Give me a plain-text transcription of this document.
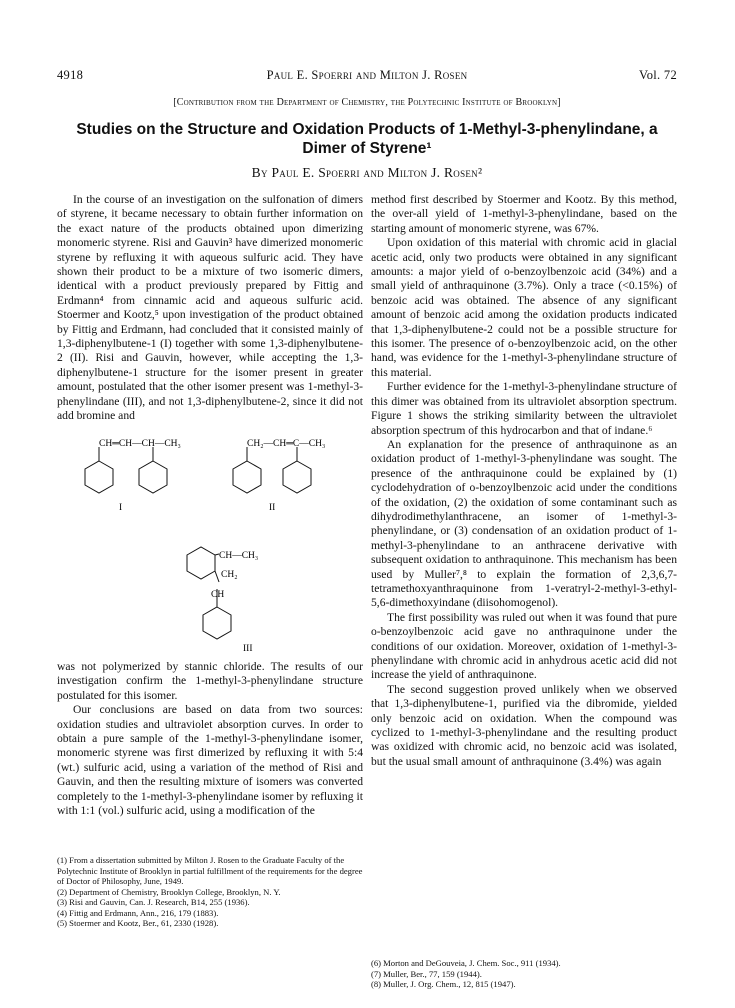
4918	Paul E. Spoerri and Milton J. Rosen	Vol. 72
[Contribution from the Department of Chemistry, the Polytechnic Institute of Brooklyn]
Studies on the Structure and Oxidation Products of 1-Methyl-3-phenylindane, a
Dimer of Styrene¹
By Paul E. Spoerri and Milton J. Rosen²

In the course of an investigation on the sulfonation of dimers of styrene, it became necessary to obtain further information on the exact nature of the products obtained upon dimerizing monomeric styrene. Risi and Gauvin³ have dimerized monomeric styrene by refluxing it with aqueous sulfuric acid. They have shown their product to be a mixture of two isomeric dimers, identical with a product previously prepared by Fittig and Erdmann⁴ from cinnamic acid and aqueous sulfuric acid. Stoermer and Kootz,⁵ upon investigation of the product obtained by Fittig and Erdmann, had concluded that it consisted mainly of 1,3-diphenylbutene-1 (I) together with some 1,3-diphenylbutene-2 (II). Risi and Gauvin, however, while accepting the 1,3-diphenylbutene-1 structure for the isomer present in greater amount, postulated that the other isomer present was 1-methyl-3-phenylindane (III), and not 1,3-diphenylbutene-2, since it did not add bromine and

CH═CH—CH—CH₃	CH₂—CH═C—CH₃
I	II
CH—CH₃
CH₂
CH
III

was not polymerized by stannic chloride. The results of our investigation confirm the 1-methyl-3-phenylindane structure postulated for this isomer.

Our conclusions are based on data from two sources: oxidation studies and ultraviolet absorption curves. In order to obtain a pure sample of the 1-methyl-3-phenylindane isomer, monomeric styrene was first dimerized by refluxing it with 5:4 (wt.) sulfuric acid, using a variation of the method of Risi and Gauvin, and then the resulting mixture of isomers was converted completely to the 1-methyl-3-phenylindane isomer by refluxing it with 1:1 (vol.) sulfuric acid, using a modification of the

(1) From a dissertation submitted by Milton J. Rosen to the Graduate Faculty of the Polytechnic Institute of Brooklyn in partial fulfillment of the requirements for the degree of Doctor of Philosophy, June, 1949.
(2) Department of Chemistry, Brooklyn College, Brooklyn, N. Y.
(3) Risi and Gauvin, Can. J. Research, B14, 255 (1936).
(4) Fittig and Erdmann, Ann., 216, 179 (1883).
(5) Stoermer and Kootz, Ber., 61, 2330 (1928).

method first described by Stoermer and Kootz. By this method, the over-all yield of 1-methyl-3-phenylindane, based on the starting amount of monomeric styrene, was 67%.

Upon oxidation of this material with chromic acid in glacial acetic acid, only two products were obtained in any significant amounts: a major yield of o-benzoylbenzoic acid (34%) and a small yield of anthraquinone (3.7%). Only a trace (<0.15%) of benzoic acid was obtained. The absence of any significant amount of benzoic acid among the oxidation products indicated that 1,3-diphenylbutene-2 could not be a possible structure for this isomer. The presence of o-benzoylbenzoic acid, on the other hand, was evidence for the 1-methyl-3-phenylindane structure of this material.

Further evidence for the 1-methyl-3-phenylindane structure of this dimer was obtained from its ultraviolet absorption spectrum. Figure 1 shows the striking similarity between the ultraviolet absorption spectrum of this hydrocarbon and that of indane.⁶

An explanation for the presence of anthraquinone as an oxidation product of 1-methyl-3-phenylindane was sought. The presence of the anthraquinone could be explained by (1) cyclodehydration of o-benzoylbenzoic acid under the conditions of the oxidation, (2) the oxidation of some contaminant such as dihydrodimethylanthracene, an isomer of 1-methyl-3-phenylindane, or (3) condensation of an oxidation product of 1-methyl-3-phenylindane to an anthracene derivative with subsequent oxidation to anthraquinone. This mechanism has been used by Muller⁷,⁸ to explain the formation of 2,3,6,7-tetramethoxyanthraquinone from 1-veratryl-2-methyl-3-ethyl-5,6-dimethoxyindane (diisohomogenol).

The first possibility was ruled out when it was found that pure o-benzoylbenzoic acid gave no anthraquinone under the conditions of our oxidation. Moreover, oxidation of 1-methyl-3-phenylindane with chromic acid in anhydrous acetic acid did not increase the yield of anthraquinone.

The second suggestion proved unlikely when we observed that 1,3-diphenylbutene-1, purified via the dibromide, yielded only benzoic acid on oxidation. When the compound was cyclized to 1-methyl-3-phenylindane and the resulting product was oxidized with chromic acid, no benzoic acid was isolated, but the usual small amount of anthraquinone (3.4%) was again

(6) Morton and DeGouveia, J. Chem. Soc., 911 (1934).
(7) Muller, Ber., 77, 159 (1944).
(8) Muller, J. Org. Chem., 12, 815 (1947).
